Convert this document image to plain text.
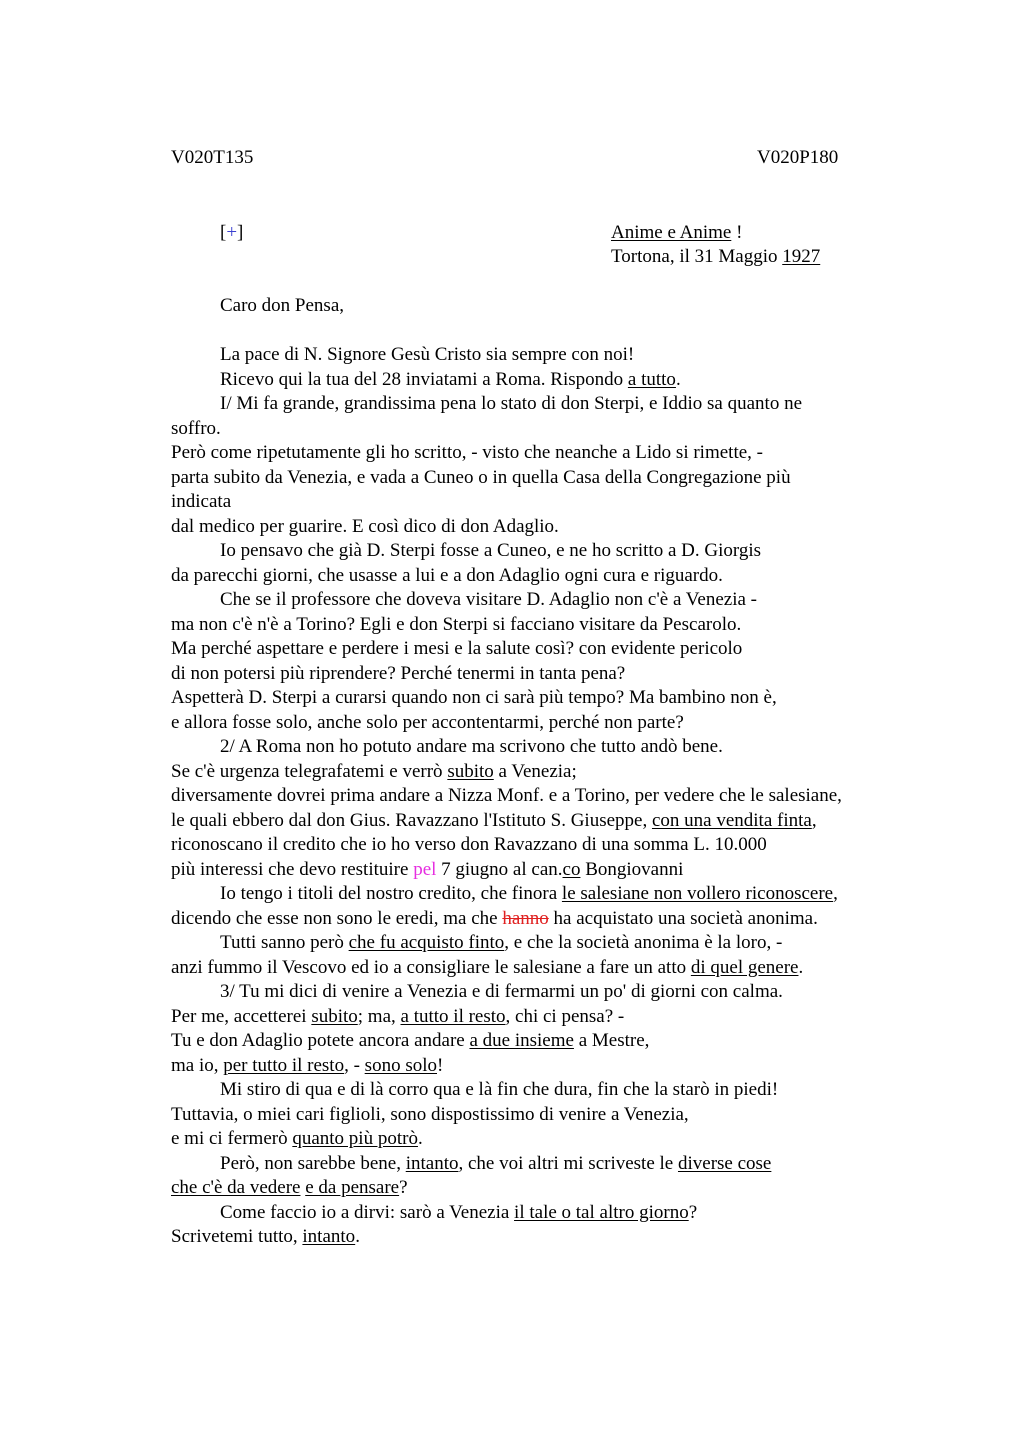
V020T135	V020P180
[+]	Anime e Anime !
Tortona, il 31 Maggio 1927
Caro don Pensa,
La pace di N. Signore Gesù Cristo sia sempre con noi!
Ricevo qui la tua del 28 inviatami a Roma. Rispondo a tutto.
I/ Mi fa grande, grandissima pena lo stato di don Sterpi, e Iddio sa quanto ne
soffro.
Però come ripetutamente gli ho scritto, - visto che neanche a Lido si rimette, -
parta subito da Venezia, e vada a Cuneo o in quella Casa della Congregazione più
indicata
dal medico per guarire. E così dico di don Adaglio.
Io pensavo che già D. Sterpi fosse a Cuneo, e ne ho scritto a D. Giorgis
da parecchi giorni, che usasse a lui e a don Adaglio ogni cura e riguardo.
Che se il professore che doveva visitare D. Adaglio non c'è a Venezia -
ma non c'è n'è a Torino? Egli e don Sterpi si facciano visitare da Pescarolo.
Ma perché aspettare e perdere i mesi e la salute così? con evidente pericolo
di non potersi più riprendere? Perché tenermi in tanta pena?
Aspetterà D. Sterpi a curarsi quando non ci sarà più tempo? Ma bambino non è,
e allora fosse solo, anche solo per accontentarmi, perché non parte?
2/ A Roma non ho potuto andare ma scrivono che tutto andò bene.
Se c'è urgenza telegrafatemi e verrò subito a Venezia;
diversamente dovrei prima andare a Nizza Monf. e a Torino, per vedere che le salesiane,
le quali ebbero dal don Gius. Ravazzano l'Istituto S. Giuseppe, con una vendita finta,
riconoscano il credito che io ho verso don Ravazzano di una somma L. 10.000
più interessi che devo restituire pel 7 giugno al can.co Bongiovanni
Io tengo i titoli del nostro credito, che finora le salesiane non vollero riconoscere,
dicendo che esse non sono le eredi, ma che hanno ha acquistato una società anonima.
Tutti sanno però che fu acquisto finto, e che la società anonima è la loro, -
anzi fummo il Vescovo ed io a consigliare le salesiane a fare un atto di quel genere.
3/ Tu mi dici di venire a Venezia e di fermarmi un po' di giorni con calma.
Per me, accetterei subito; ma, a tutto il resto, chi ci pensa? -
Tu e don Adaglio potete ancora andare a due insieme a Mestre,
ma io, per tutto il resto, - sono solo!
Mi stiro di qua e di là corro qua e là fin che dura, fin che la starò in piedi!
Tuttavia, o miei cari figlioli, sono dispostissimo di venire a Venezia,
e mi ci fermerò quanto più potrò.
Però, non sarebbe bene, intanto, che voi altri mi scriveste le diverse cose
che c'è da vedere e da pensare?
Come faccio io a dirvi: sarò a Venezia il tale o tal altro giorno?
Scrivetemi tutto, intanto.
